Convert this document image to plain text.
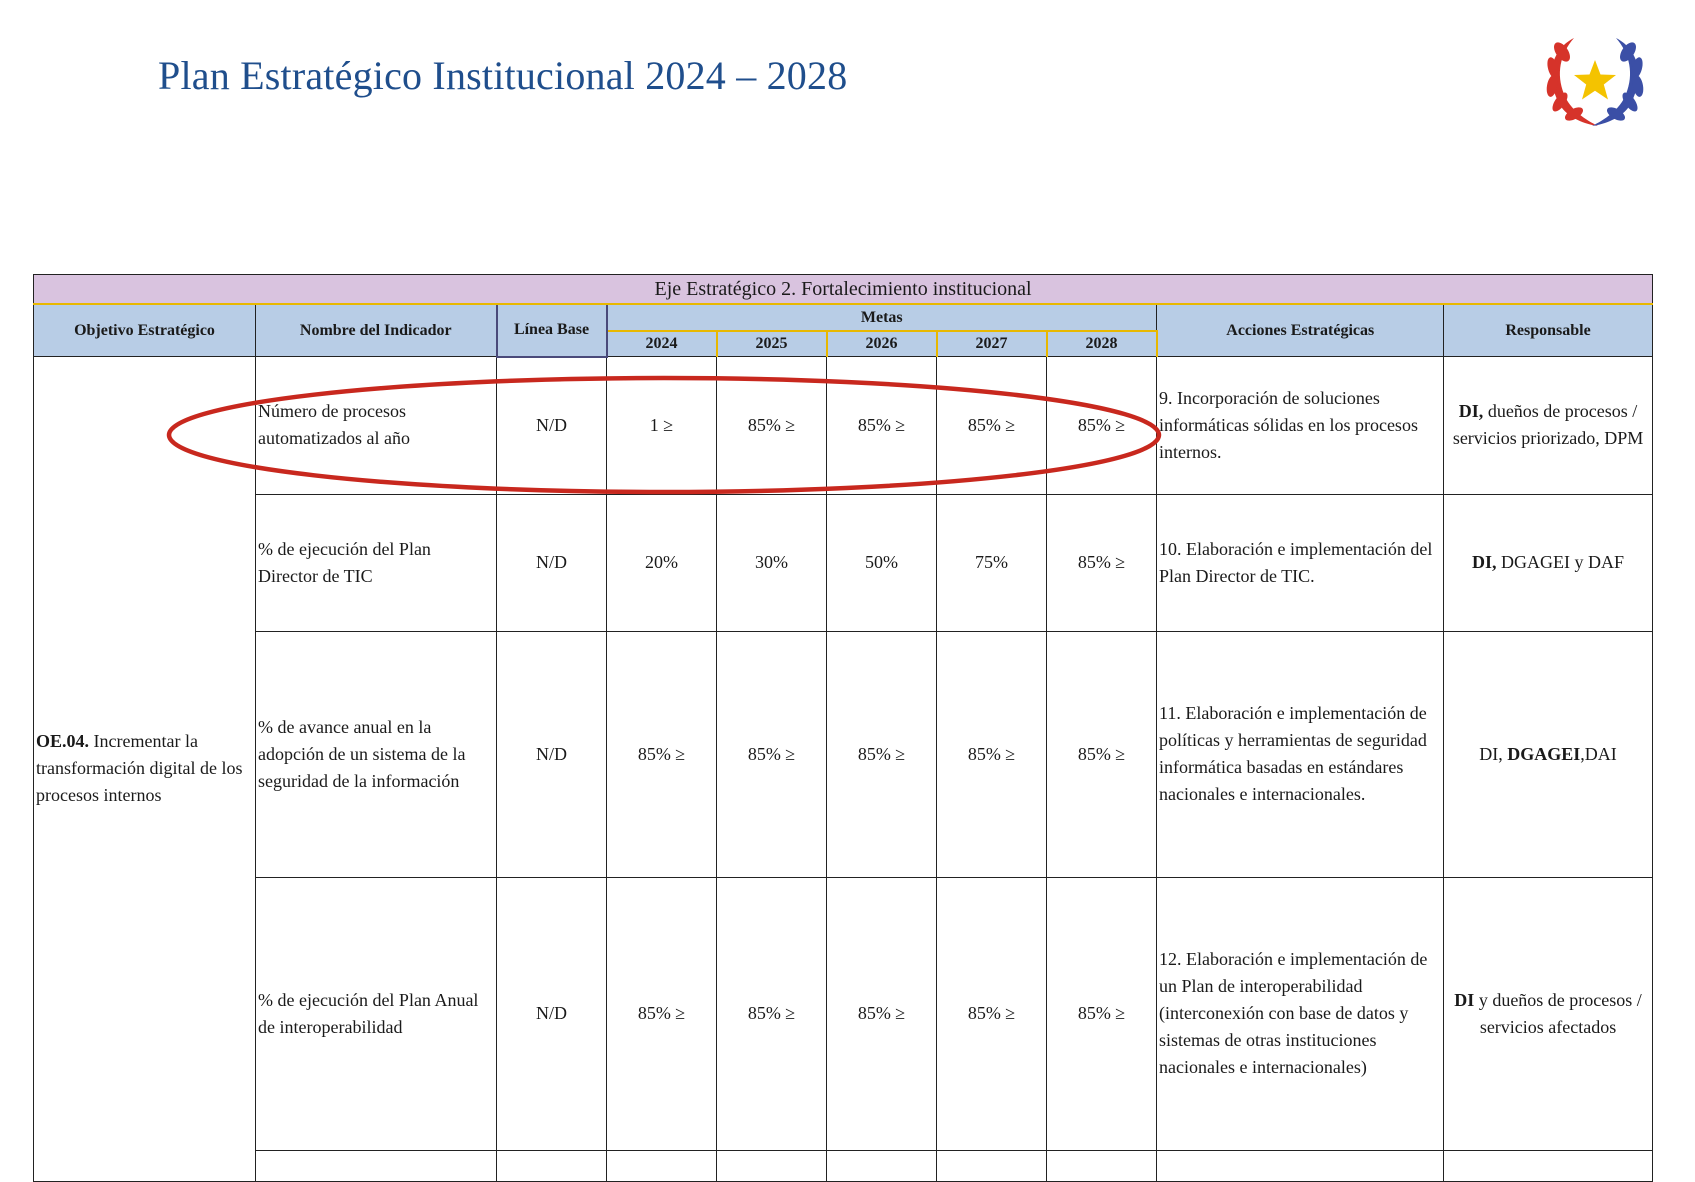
Plan Estratégico Institucional 2024 – 2028
Eje Estratégico 2. Fortalecimiento institucional									
Objetivo Estratégico	Nombre del Indicador	Línea Base	Metas					Acciones Estratégicas	Responsable
			2024	2025	2026	2027	2028		
OE.04. Incrementar la transformación digital de los procesos internos	Número de procesos automatizados al año	N/D	1 ≥	85% ≥	85% ≥	85% ≥	85% ≥	9. Incorporación de soluciones informáticas sólidas en los procesos internos.	DI, dueños de procesos / servicios priorizado, DPM
	% de ejecución del Plan Director de TIC	N/D	20%	30%	50%	75%	85% ≥	10. Elaboración e implementación del Plan Director de TIC.	DI, DGAGEI y DAF
	% de avance anual en la adopción de un sistema de la seguridad de la información	N/D	85% ≥	85% ≥	85% ≥	85% ≥	85% ≥	11. Elaboración e implementación de políticas y herramientas de seguridad informática basadas en estándares nacionales e internacionales.	DI, DGAGEI,DAI
	% de ejecución del Plan Anual de interoperabilidad	N/D	85% ≥	85% ≥	85% ≥	85% ≥	85% ≥	12. Elaboración e implementación de un Plan de interoperabilidad (interconexión con base de datos y sistemas de otras instituciones nacionales e internacionales)	DI y dueños de procesos / servicios afectados
